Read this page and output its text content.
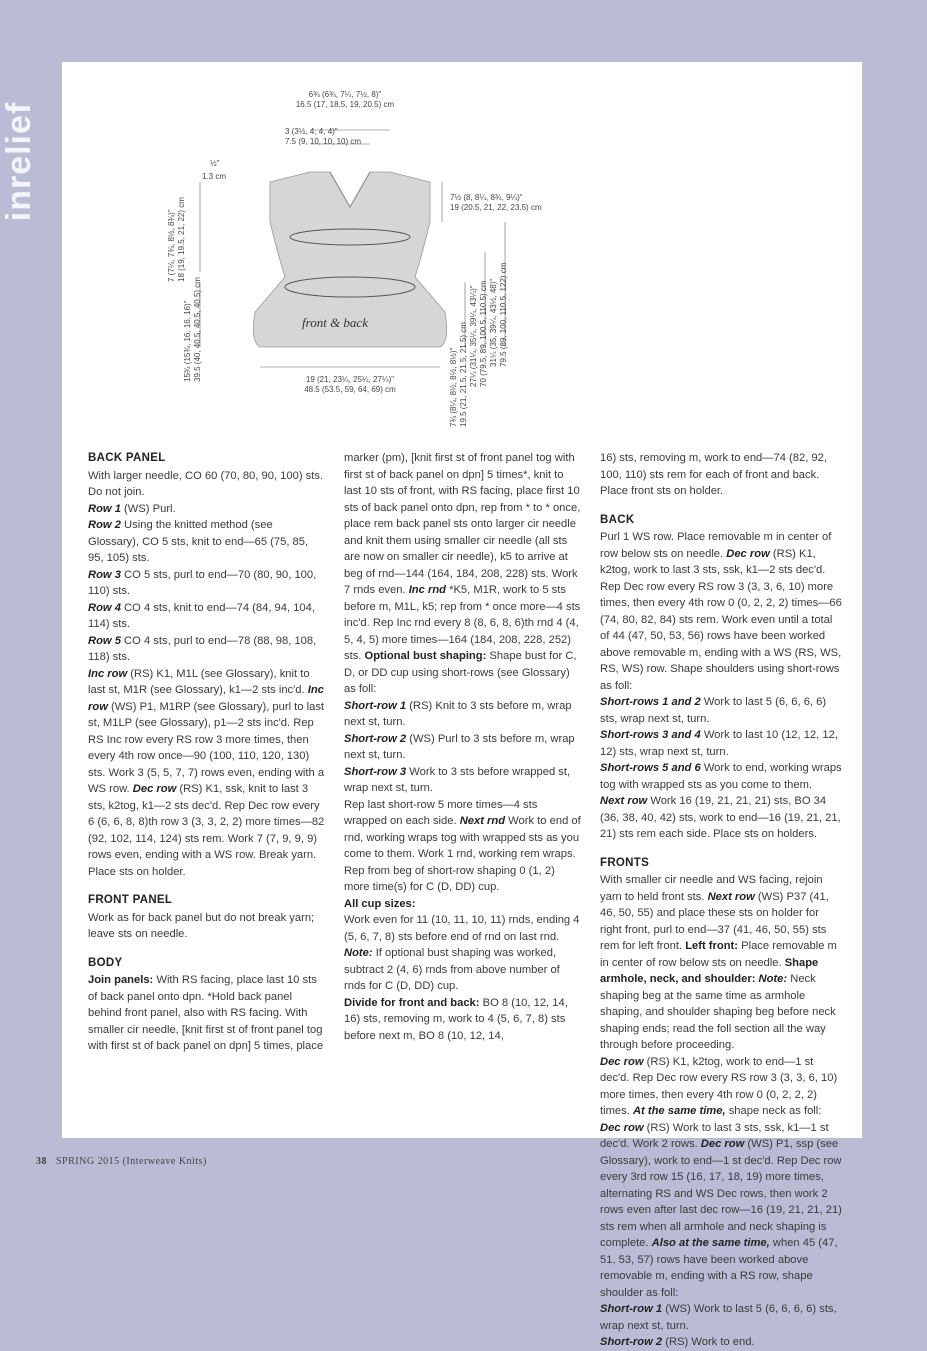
inrelief
6¾ (6¾, 7¼, 7½, 8)"
16.5 (17, 18.5, 19, 20.5) cm
3 (3½, 4, 4, 4)"
7.5 (9, 10, 10, 10) cm
½"
1.3 cm
7½ (8, 8¼, 8¾, 9¼)"
19 (20.5, 21, 22, 23.5) cm
front & back
19 (21, 23¼, 25¼, 27¼)"
48.5 (53.5, 59, 64, 69) cm
7 (7¼, 7¾, 8½, 8¾)" 18 (19, 19.5, 21, 22) cm
15¾ (15¾, 16, 16, 16)" 39.5 (40, 40.5, 40.5, 40.5) cm
7¾ (8¼, 8½, 8½, 8½)" 19.5 (21, 21.5, 21.5, 21.5) cm 27¼ (31¼, 35¼, 39¼, 43¼)" 70 (79.5, 89, 100.5, 110.5) cm 31¼ (35, 39¼, 43½, 48)" 79.5 (89, 100, 110.5, 122) cm
BACK PANEL

With larger needle, CO 60 (70, 80, 90, 100) sts. Do not join.

Row 1 (WS) Purl.

Row 2 Using the knitted method (see Glossary), CO 5 sts, knit to end—65 (75, 85, 95, 105) sts.

Row 3 CO 5 sts, purl to end—70 (80, 90, 100, 110) sts.

Row 4 CO 4 sts, knit to end—74 (84, 94, 104, 114) sts.

Row 5 CO 4 sts, purl to end—78 (88, 98, 108, 118) sts.

Inc row (RS) K1, M1L (see Glossary), knit to last st, M1R (see Glossary), k1—2 sts inc'd. Inc row (WS) P1, M1RP (see Glossary), purl to last st, M1LP (see Glossary), p1—2 sts inc'd. Rep RS Inc row every RS row 3 more times, then every 4th row once—90 (100, 110, 120, 130) sts. Work 3 (5, 5, 7, 7) rows even, ending with a WS row. Dec row (RS) K1, ssk, knit to last 3 sts, k2tog, k1—2 sts dec'd. Rep Dec row every 6 (6, 6, 8, 8)th row 3 (3, 3, 2, 2) more times—82 (92, 102, 114, 124) sts rem. Work 7 (7, 9, 9, 9) rows even, ending with a WS row. Break yarn. Place sts on holder.

FRONT PANEL

Work as for back panel but do not break yarn; leave sts on needle.

BODY

Join panels: With RS facing, place last 10 sts of back panel onto dpn. *Hold back panel behind front panel, also with RS facing. With smaller cir needle, [knit first st of front panel tog with first st of back panel on dpn] 5 times, place

marker (pm), [knit first st of front panel tog with first st of back panel on dpn] 5 times*, knit to last 10 sts of front, with RS facing, place first 10 sts of back panel onto dpn, rep from * to * once, place rem back panel sts onto larger cir needle and knit them using smaller cir needle (all sts are now on smaller cir needle), k5 to arrive at beg of rnd—144 (164, 184, 208, 228) sts. Work 7 rnds even. Inc rnd *K5, M1R, work to 5 sts before m, M1L, k5; rep from * once more—4 sts inc'd. Rep Inc rnd every 8 (8, 6, 8, 6)th rnd 4 (4, 5, 4, 5) more times—164 (184, 208, 228, 252) sts. Optional bust shaping: Shape bust for C, D, or DD cup using short-rows (see Glossary) as foll:

Short-row 1 (RS) Knit to 3 sts before m, wrap next st, turn.

Short-row 2 (WS) Purl to 3 sts before m, wrap next st, turn.

Short-row 3 Work to 3 sts before wrapped st, wrap next st, turn.

Rep last short-row 5 more times—4 sts wrapped on each side. Next rnd Work to end of rnd, working wraps tog with wrapped sts as you come to them. Work 1 rnd, working rem wraps. Rep from beg of short-row shaping 0 (1, 2) more time(s) for C (D, DD) cup.

All cup sizes:

Work even for 11 (10, 11, 10, 11) rnds, ending 4 (5, 6, 7, 8) sts before end of rnd on last rnd. Note: If optional bust shaping was worked, subtract 2 (4, 6) rnds from above number of rnds for C (D, DD) cup.

Divide for front and back: BO 8 (10, 12, 14, 16) sts, removing m, work to 4 (5, 6, 7, 8) sts before next m, BO 8 (10, 12, 14,

16) sts, removing m, work to end—74 (82, 92, 100, 110) sts rem for each of front and back. Place front sts on holder.

BACK

Purl 1 WS row. Place removable m in center of row below sts on needle. Dec row (RS) K1, k2tog, work to last 3 sts, ssk, k1—2 sts dec'd. Rep Dec row every RS row 3 (3, 3, 6, 10) more times, then every 4th row 0 (0, 2, 2, 2) times—66 (74, 80, 82, 84) sts rem. Work even until a total of 44 (47, 50, 53, 56) rows have been worked above removable m, ending with a WS (RS, WS, RS, WS) row. Shape shoulders using short-rows as foll:

Short-rows 1 and 2 Work to last 5 (6, 6, 6, 6) sts, wrap next st, turn.

Short-rows 3 and 4 Work to last 10 (12, 12, 12, 12) sts, wrap next st, turn.

Short-rows 5 and 6 Work to end, working wraps tog with wrapped sts as you come to them.

Next row Work 16 (19, 21, 21, 21) sts, BO 34 (36, 38, 40, 42) sts, work to end—16 (19, 21, 21, 21) sts rem each side. Place sts on holders.

FRONTS

With smaller cir needle and WS facing, rejoin yarn to held front sts. Next row (WS) P37 (41, 46, 50, 55) and place these sts on holder for right front, purl to end—37 (41, 46, 50, 55) sts rem for left front. Left front: Place removable m in center of row below sts on needle. Shape armhole, neck, and shoulder: Note: Neck shaping beg at the same time as armhole shaping, and shoulder shaping beg before neck shaping ends; read the foll section all the way through before proceeding.

Dec row (RS) K1, k2tog, work to end—1 st dec'd. Rep Dec row every RS row 3 (3, 3, 6, 10) more times, then every 4th row 0 (0, 2, 2, 2) times. At the same time, shape neck as foll: Dec row (RS) Work to last 3 sts, ssk, k1—1 st dec'd. Work 2 rows. Dec row (WS) P1, ssp (see Glossary), work to end—1 st dec'd. Rep Dec row every 3rd row 15 (16, 17, 18, 19) more times, alternating RS and WS Dec rows, then work 2 rows even after last dec row—16 (19, 21, 21, 21) sts rem when all armhole and neck shaping is complete. Also at the same time, when 45 (47, 51, 53, 57) rows have been worked above removable m, ending with a RS row, shape shoulder as foll:

Short-row 1 (WS) Work to last 5 (6, 6, 6, 6) sts, wrap next st, turn.

Short-row 2 (RS) Work to end.

38 SPRING 2015 (Interweave Knits)
